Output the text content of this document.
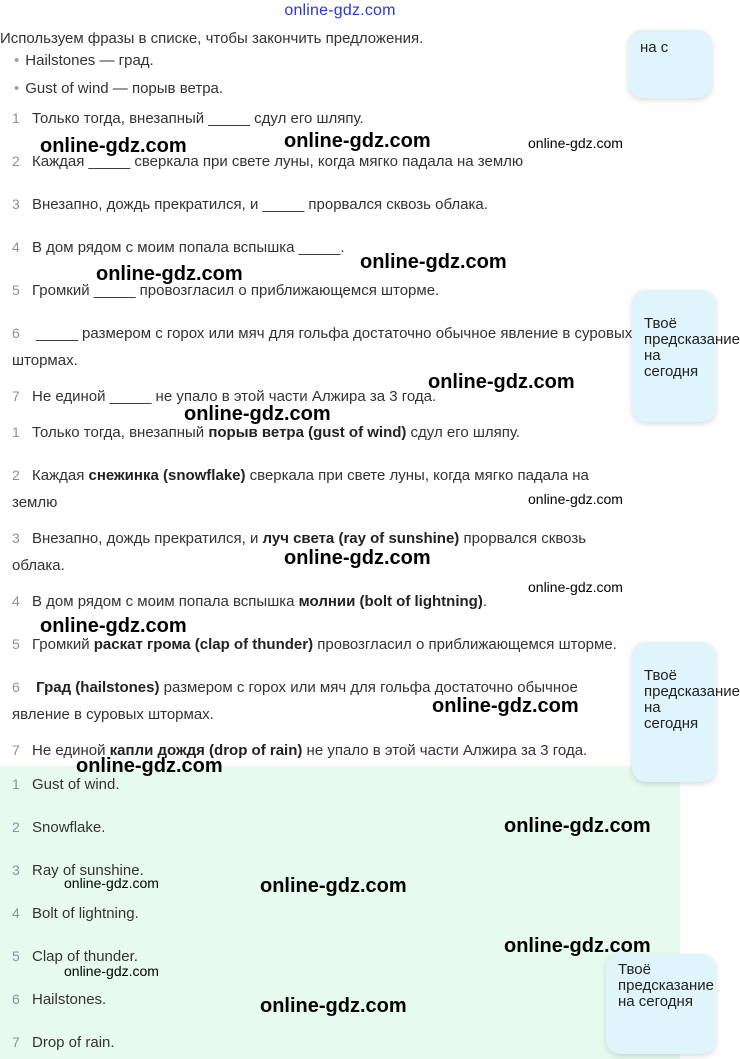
online-gdz.com
Используем фразы в списке, чтобы закончить предложения.
• Hailstones — град.
• Gust of wind — порыв ветра.
1 Только тогда, внезапный _____ сдул его шляпу.
2 Каждая _____ сверкала при свете луны, когда мягко падала на землю
3 Внезапно, дождь прекратился, и _____ прорвался сквозь облака.
4 В дом рядом с моим попала вспышка _____.
5 Громкий _____ провозгласил о приближающемся шторме.
6 _____ размером с горох или мяч для гольфа достаточно обычное явление в суровых
штормах.
7 Не единой _____ не упало в этой части Алжира за 3 года.
1 Только тогда, внезапный порыв ветра (gust of wind) сдул его шляпу.
2 Каждая снежинка (snowflake) сверкала при свете луны, когда мягко падала на
землю
3 Внезапно, дождь прекратился, и луч света (ray of sunshine) прорвался сквозь
облака.
4 В дом рядом с моим попала вспышка молнии (bolt of lightning).
5 Громкий раскат грома (clap of thunder) провозгласил о приближающемся шторме.
6 Град (hailstones) размером с горох или мяч для гольфа достаточно обычное
явление в суровых штормах.
7 Не единой капли дождя (drop of rain) не упало в этой части Алжира за 3 года.
1 Gust of wind.
2 Snowflake.
3 Ray of sunshine.
4 Bolt of lightning.
5 Clap of thunder.
6 Hailstones.
7 Drop of rain.
на с
Твоё
предсказание
на сегодня
Твоё
предсказание
на сегодня
Твоё
предсказание
на сегодня
online-gdz.com	online-gdz.com	online-gdz.com
online-gdz.com
online-gdz.com
online-gdz.com
online-gdz.com
online-gdz.com
online-gdz.com
online-gdz.com
online-gdz.com
online-gdz.com
online-gdz.com
online-gdz.com
online-gdz.com	online-gdz.com
online-gdz.com
online-gdz.com
online-gdz.com
